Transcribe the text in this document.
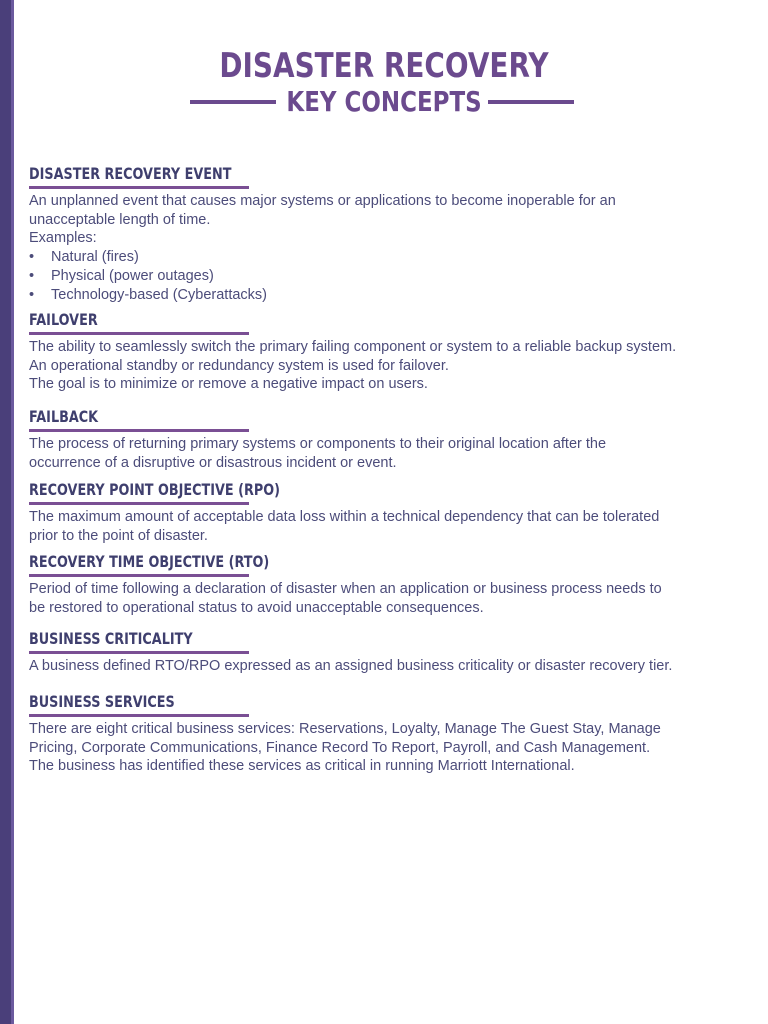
DISASTER RECOVERY
KEY CONCEPTS
DISASTER RECOVERY EVENT

An unplanned event that causes major systems or applications to become inoperable for an

unacceptable length of time.

Examples:

• Natural (fires)
• Physical (power outages)
• Technology-based (Cyberattacks)
FAILOVER

The ability to seamlessly switch the primary failing component or system to a reliable backup system.

An operational standby or redundancy system is used for failover.

The goal is to minimize or remove a negative impact on users.

FAILBACK

The process of returning primary systems or components to their original location after the

occurrence of a disruptive or disastrous incident or event.

RECOVERY POINT OBJECTIVE (RPO)

The maximum amount of acceptable data loss within a technical dependency that can be tolerated

prior to the point of disaster.

RECOVERY TIME OBJECTIVE (RTO)

Period of time following a declaration of disaster when an application or business process needs to

be restored to operational status to avoid unacceptable consequences.

BUSINESS CRITICALITY

A business defined RTO/RPO expressed as an assigned business criticality or disaster recovery tier.

BUSINESS SERVICES

There are eight critical business services: Reservations, Loyalty, Manage The Guest Stay, Manage

Pricing, Corporate Communications, Finance Record To Report, Payroll, and Cash Management.

The business has identified these services as critical in running Marriott International.
